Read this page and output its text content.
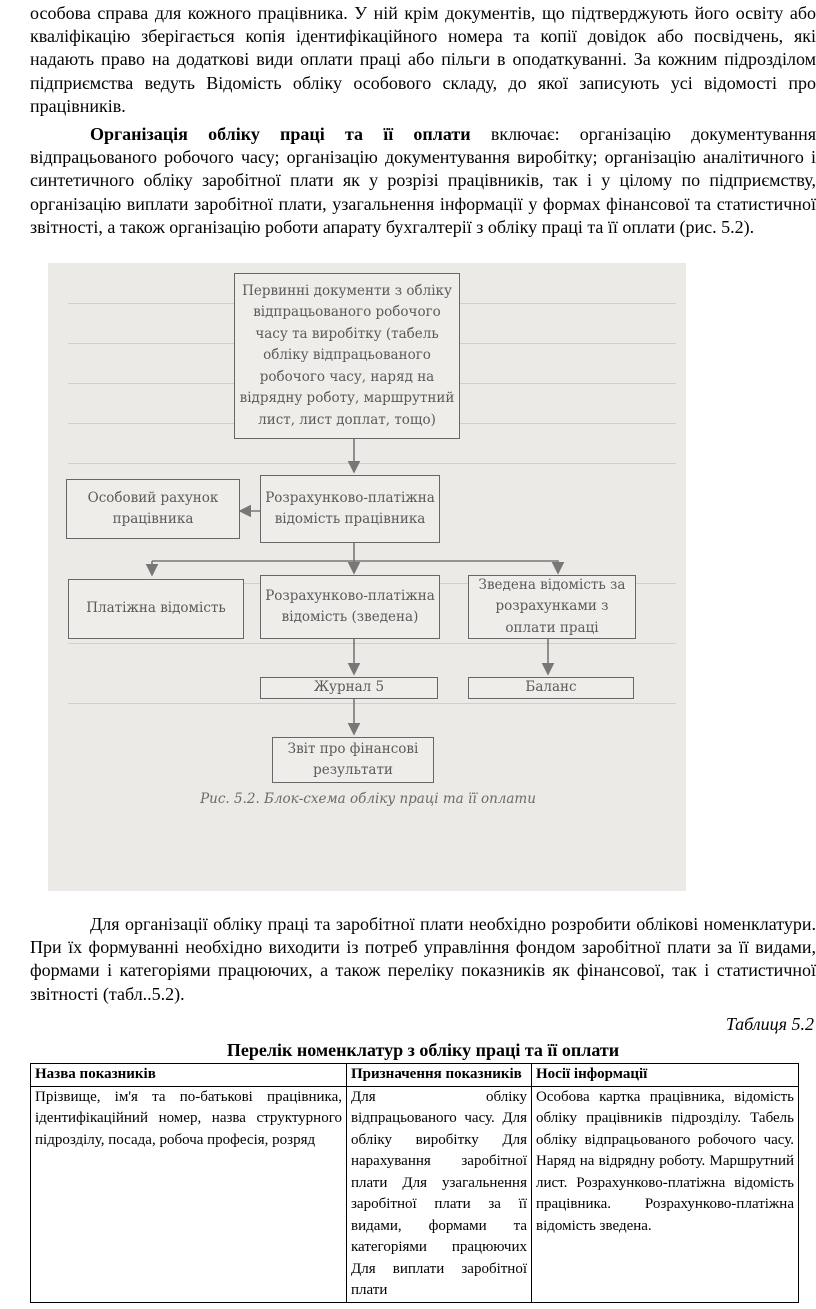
особова справа для кожного працівника. У ній крім документів, що підтверджують його освіту або кваліфікацію зберігається копія ідентифікаційного номера та копії довідок або посвідчень, які надають право на додаткові види оплати праці або пільги в оподаткуванні. За кожним підрозділом підприємства ведуть Відомість обліку особового складу, до якої записують усі відомості про працівників.

Організація обліку праці та її оплати включає: організацію документування відпрацьованого робочого часу; організацію документування виробітку; організацію аналітичного і синтетичного обліку заробітної плати як у розрізі працівників, так і у цілому по підприємству, організацію виплати заробітної плати, узагальнення інформації у формах фінансової та статистичної звітності, а також організацію роботи апарату бухгалтерії з обліку праці та її оплати (рис. 5.2).

Первинні документи з обліку відпрацьованого робочого часу та виробітку (табель обліку відпрацьованого робочого часу, наряд на відрядну роботу, маршрутний лист, лист доплат, тощо)
Особовий рахунок працівника
Розрахунково-платіжна відомість працівника
Платіжна відомість
Розрахунково-платіжна відомість (зведена)
Зведена відомість за розрахунками з оплати праці
Журнал 5	Баланс
Звіт про фінансові результати
Рис. 5.2. Блок-схема обліку праці та її оплати

Для організації обліку праці та заробітної плати необхідно розробити облікові номенклатури. При їх формуванні необхідно виходити із потреб управління фондом заробітної плати за її видами, формами і категоріями працюючих, а також переліку показників як фінансової, так і статистичної звітності (табл..5.2).

Таблиця 5.2
Перелік номенклатур з обліку праці та її оплати
Назва показників	Призначення показників	Носії інформації
Прізвище, ім'я та по-батькові працівника, ідентифікаційний номер, назва структурного підрозділу, посада, робоча професія, розряд	Для обліку відпрацьованого часу. Для обліку виробітку Для нарахування заробітної плати Для узагальнення заробітної плати за її видами, формами та категоріями працюючих Для виплати заробітної плати	Особова картка працівника, відомість обліку працівників підрозділу. Табель обліку відпрацьованого робочого часу. Наряд на відрядну роботу. Маршрутний лист. Розрахунково-платіжна відомість працівника. Розрахунково-платіжна відомість зведена.
